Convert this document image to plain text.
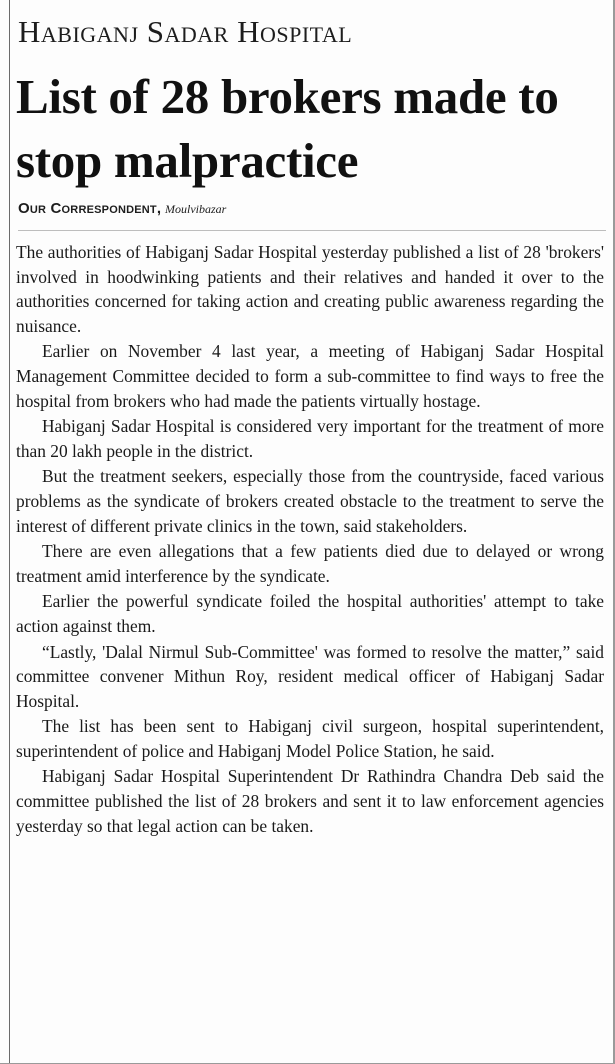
Habiganj Sadar Hospital
List of 28 brokers made to stop malpractice
Our Correspondent, Moulvibazar

The authorities of Habiganj Sadar Hospital yesterday published a list of 28 'brokers' involved in hoodwinking patients and their relatives and handed it over to the authorities concerned for taking action and creating public awareness regarding the nuisance.

Earlier on November 4 last year, a meeting of Habiganj Sadar Hospital Management Committee decided to form a sub-committee to find ways to free the hospital from brokers who had made the patients virtually hostage.

Habiganj Sadar Hospital is considered very important for the treatment of more than 20 lakh people in the district.

But the treatment seekers, especially those from the countryside, faced various problems as the syndicate of brokers created obstacle to the treatment to serve the interest of different private clinics in the town, said stakeholders.

There are even allegations that a few patients died due to delayed or wrong treatment amid interference by the syndicate.

Earlier the powerful syndicate foiled the hospital authorities' attempt to take action against them.

“Lastly, 'Dalal Nirmul Sub-Committee' was formed to resolve the matter,” said committee convener Mithun Roy, resident medical officer of Habiganj Sadar Hospital.

The list has been sent to Habiganj civil surgeon, hospital superintendent, superintendent of police and Habiganj Model Police Station, he said.

Habiganj Sadar Hospital Superintendent Dr Rathindra Chandra Deb said the committee published the list of 28 brokers and sent it to law enforcement agencies yesterday so that legal action can be taken.
